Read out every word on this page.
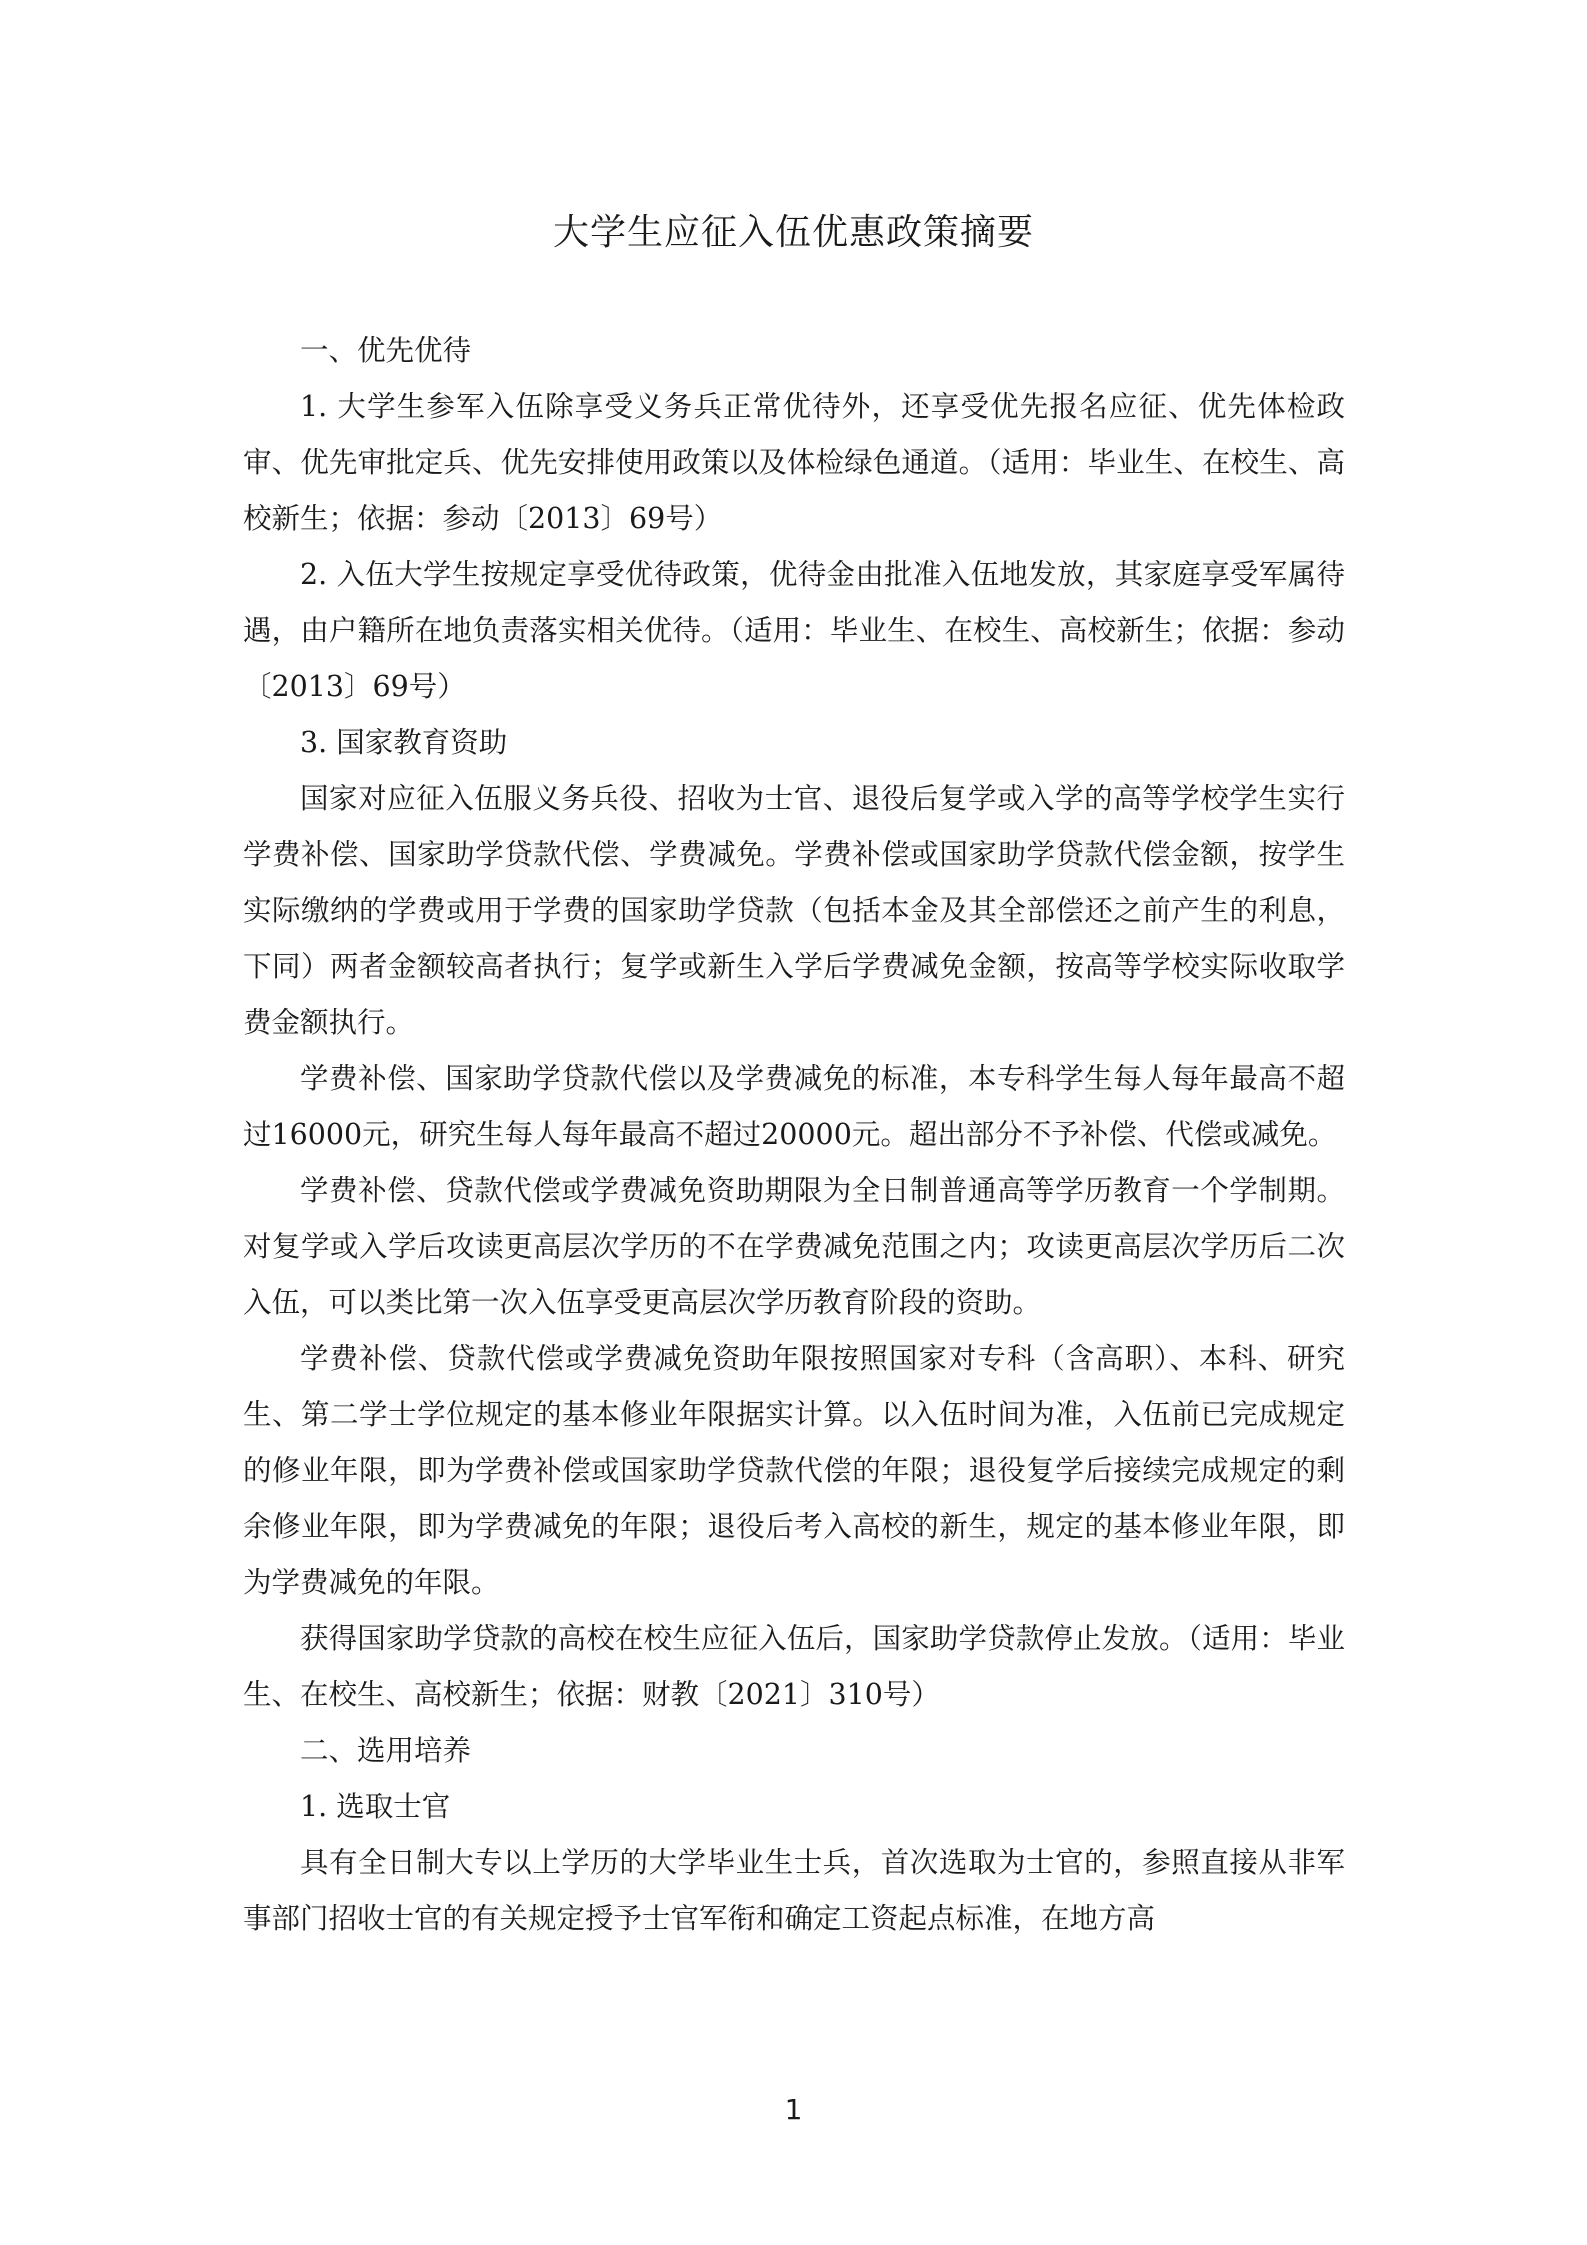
大学生应征入伍优惠政策摘要

一、优先优待

1. 大学生参军入伍除享受义务兵正常优待外，还享受优先报名应征、优先体检政审、优先审批定兵、优先安排使用政策以及体检绿色通道。（适用：毕业生、在校生、高校新生；依据：参动〔2013〕69号）

2. 入伍大学生按规定享受优待政策，优待金由批准入伍地发放，其家庭享受军属待遇，由户籍所在地负责落实相关优待。（适用：毕业生、在校生、高校新生；依据：参动〔2013〕69号）

3. 国家教育资助

国家对应征入伍服义务兵役、招收为士官、退役后复学或入学的高等学校学生实行学费补偿、国家助学贷款代偿、学费减免。学费补偿或国家助学贷款代偿金额，按学生实际缴纳的学费或用于学费的国家助学贷款（包括本金及其全部偿还之前产生的利息，下同）两者金额较高者执行；复学或新生入学后学费减免金额，按高等学校实际收取学费金额执行。

学费补偿、国家助学贷款代偿以及学费减免的标准，本专科学生每人每年最高不超过16000元，研究生每人每年最高不超过20000元。超出部分不予补偿、代偿或减免。

学费补偿、贷款代偿或学费减免资助期限为全日制普通高等学历教育一个学制期。对复学或入学后攻读更高层次学历的不在学费减免范围之内；攻读更高层次学历后二次入伍，可以类比第一次入伍享受更高层次学历教育阶段的资助。

学费补偿、贷款代偿或学费减免资助年限按照国家对专科（含高职）、本科、研究生、第二学士学位规定的基本修业年限据实计算。以入伍时间为准，入伍前已完成规定的修业年限，即为学费补偿或国家助学贷款代偿的年限；退役复学后接续完成规定的剩余修业年限，即为学费减免的年限；退役后考入高校的新生，规定的基本修业年限，即为学费减免的年限。

获得国家助学贷款的高校在校生应征入伍后，国家助学贷款停止发放。（适用：毕业生、在校生、高校新生；依据：财教〔2021〕310号）

二、选用培养

1. 选取士官

具有全日制大专以上学历的大学毕业生士兵，首次选取为士官的，参照直接从非军事部门招收士官的有关规定授予士官军衔和确定工资起点标准，在地方高

1
